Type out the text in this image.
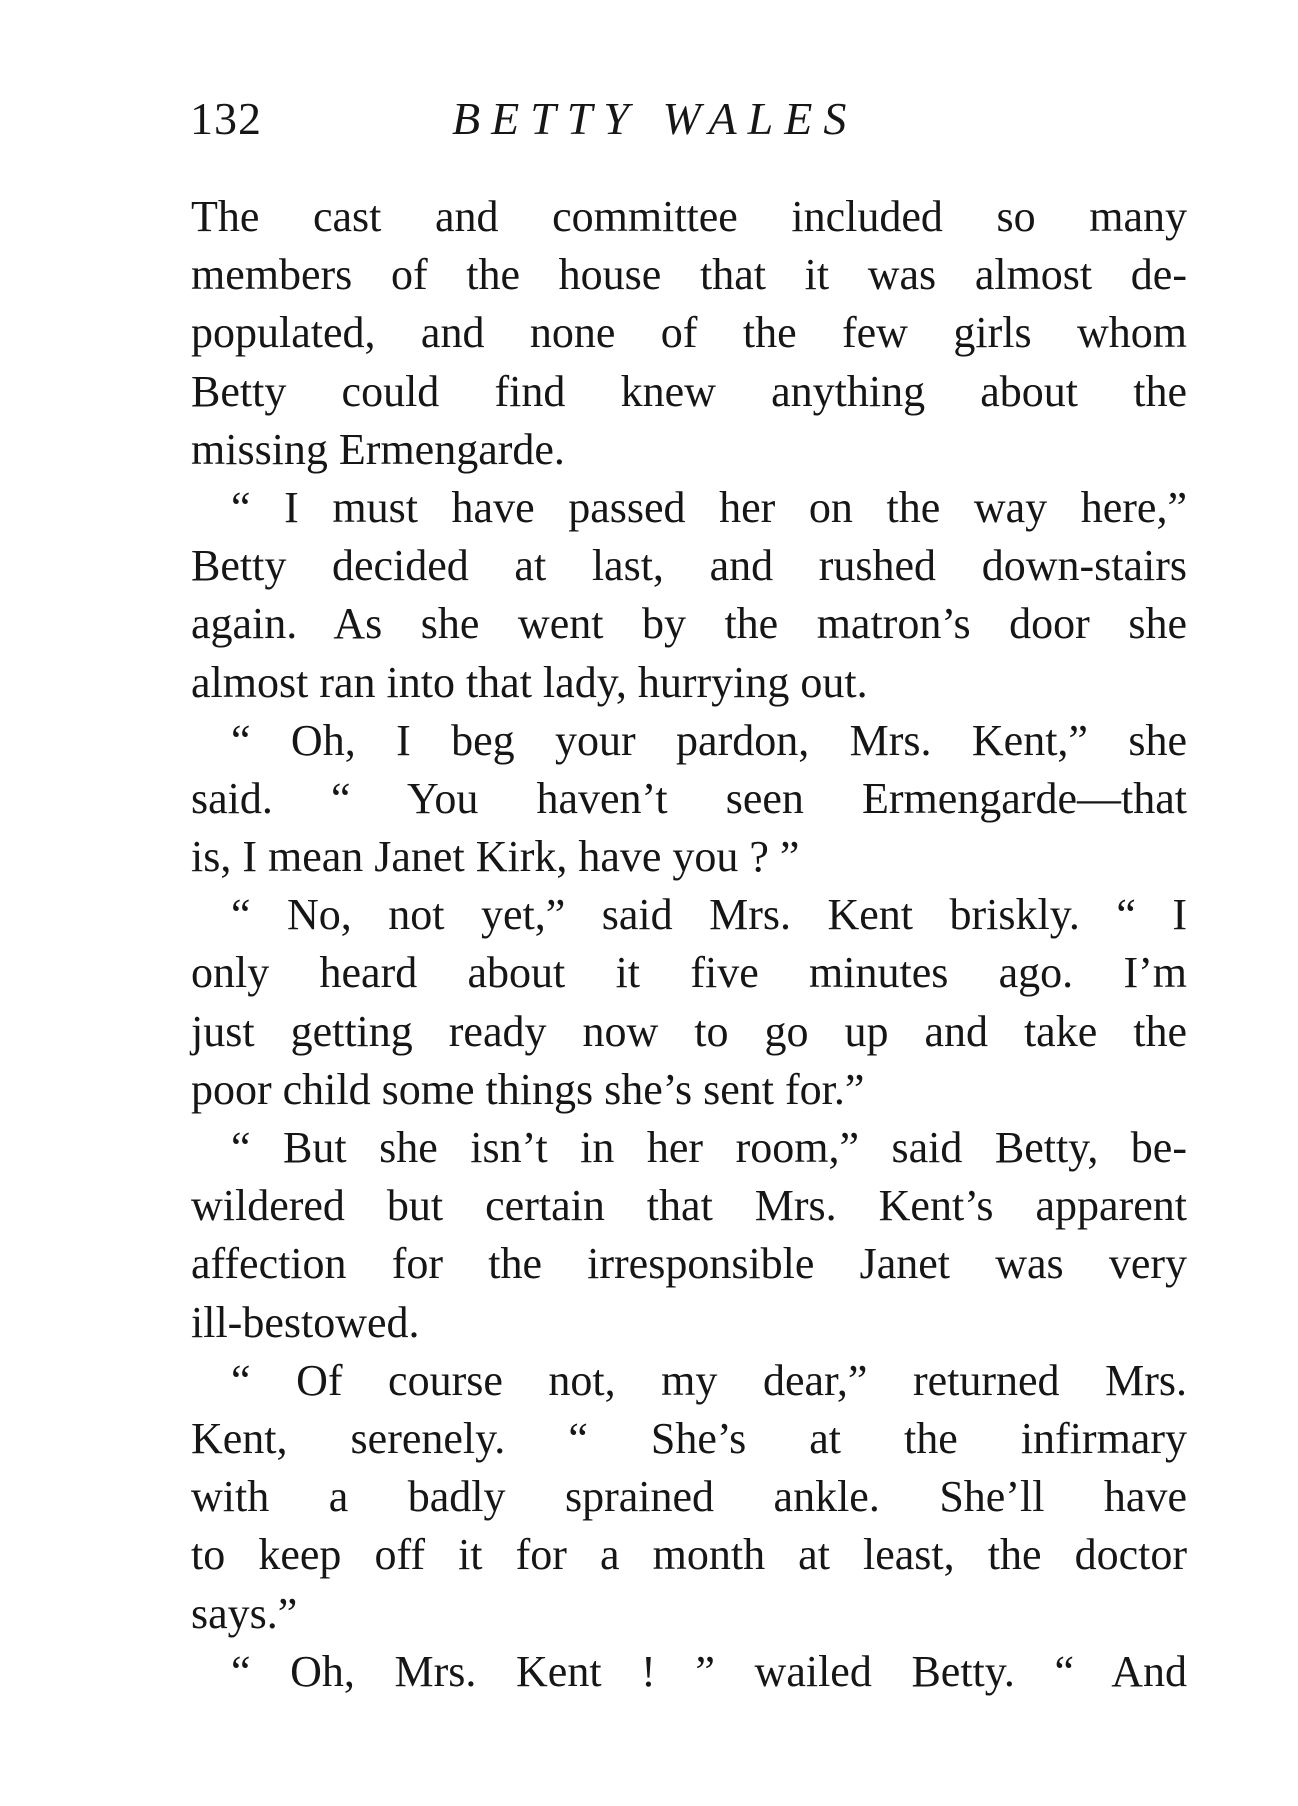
132	BETTY WALES
The cast and committee included so many
members of the house that it was almost de-
populated, and none of the few girls whom
Betty could find knew anything about the
missing Ermengarde.
“ I must have passed her on the way here,”
Betty decided at last, and rushed down-stairs
again. As she went by the matron’s door she
almost ran into that lady, hurrying out.
“ Oh, I beg your pardon, Mrs. Kent,” she
said. “ You haven’t seen Ermengarde—that
is, I mean Janet Kirk, have you ? ”
“ No, not yet,” said Mrs. Kent briskly. “ I
only heard about it five minutes ago. I’m
just getting ready now to go up and take the
poor child some things she’s sent for.”
“ But she isn’t in her room,” said Betty, be-
wildered but certain that Mrs. Kent’s apparent
affection for the irresponsible Janet was very
ill-bestowed.
“ Of course not, my dear,” returned Mrs.
Kent, serenely. “ She’s at the infirmary
with a badly sprained ankle. She’ll have
to keep off it for a month at least, the doctor
says.”
“ Oh, Mrs. Kent ! ” wailed Betty. “ And
